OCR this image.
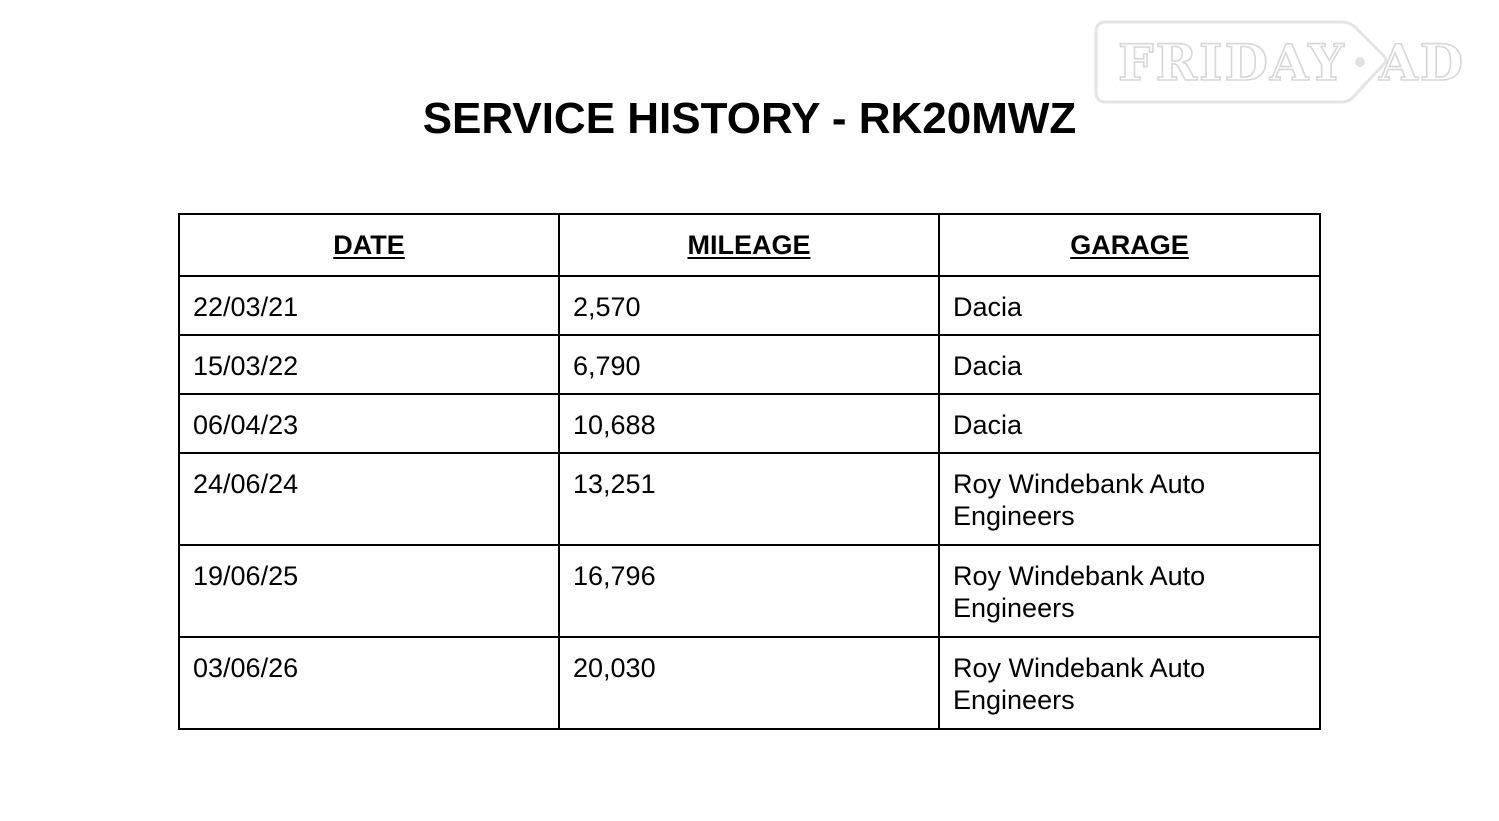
FRIDAY AD
SERVICE HISTORY - RK20MWZ
DATE	MILEAGE	GARAGE
22/03/21	2,570	Dacia
15/03/22	6,790	Dacia
06/04/23	10,688	Dacia
24/06/24	13,251	Roy Windebank Auto Engineers
19/06/25	16,796	Roy Windebank Auto Engineers
03/06/26	20,030	Roy Windebank Auto Engineers
